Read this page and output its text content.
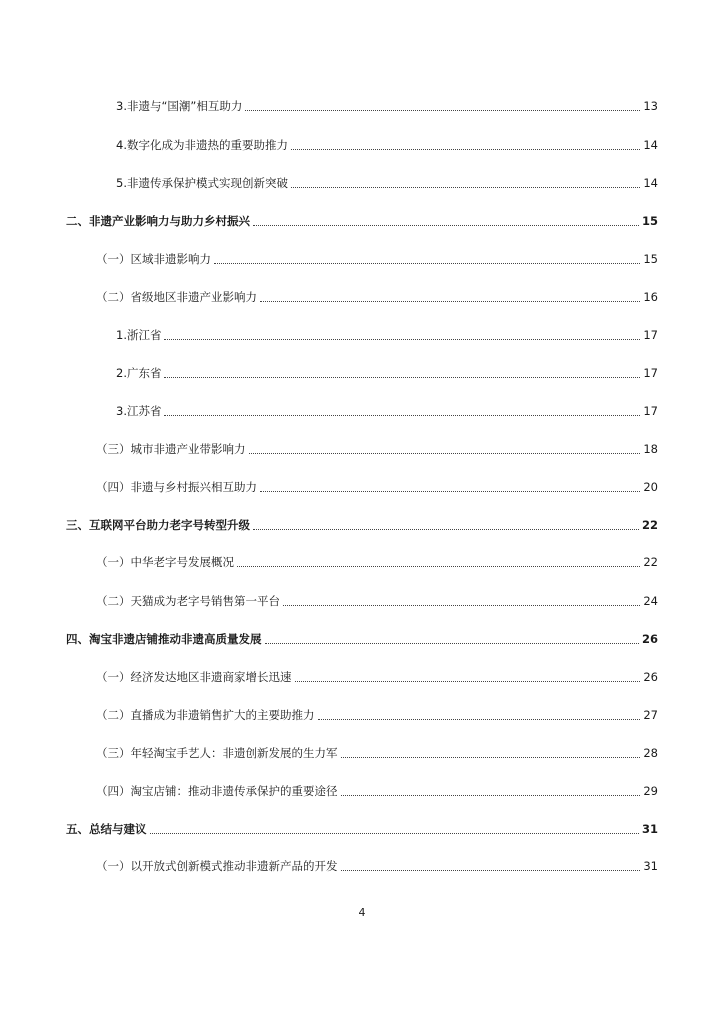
3.非遗与“国潮”相互助力	13
4.数字化成为非遗热的重要助推力	14
5.非遗传承保护模式实现创新突破	14
二、非遗产业影响力与助力乡村振兴	15
（一）区域非遗影响力	15
（二）省级地区非遗产业影响力	16
1.浙江省	17
2.广东省	17
3.江苏省	17
（三）城市非遗产业带影响力	18
（四）非遗与乡村振兴相互助力	20
三、互联网平台助力老字号转型升级	22
（一）中华老字号发展概况	22
（二）天猫成为老字号销售第一平台	24
四、淘宝非遗店铺推动非遗高质量发展	26
（一）经济发达地区非遗商家增长迅速	26
（二）直播成为非遗销售扩大的主要助推力	27
（三）年轻淘宝手艺人：非遗创新发展的生力军	28
（四）淘宝店铺：推动非遗传承保护的重要途径	29
五、总结与建议	31
（一）以开放式创新模式推动非遗新产品的开发	31
4
